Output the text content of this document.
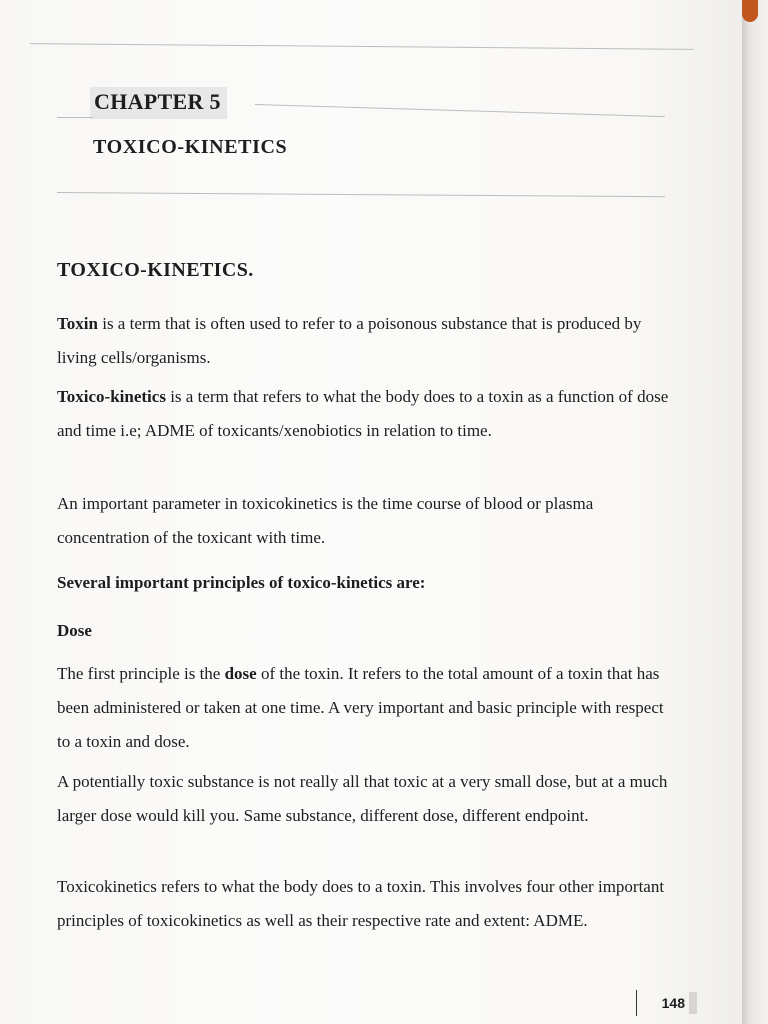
CHAPTER 5
TOXICO-KINETICS
TOXICO-KINETICS.

Toxin is a term that is often used to refer to a poisonous substance that is produced by living cells/organisms.

Toxico-kinetics is a term that refers to what the body does to a toxin as a function of dose and time i.e; ADME of toxicants/xenobiotics in relation to time.

An important parameter in toxicokinetics is the time course of blood or plasma concentration of the toxicant with time.

Several important principles of toxico-kinetics are:
Dose

The first principle is the dose of the toxin. It refers to the total amount of a toxin that has been administered or taken at one time. A very important and basic principle with respect to a toxin and dose.

A potentially toxic substance is not really all that toxic at a very small dose, but at a much larger dose would kill you. Same substance, different dose, different endpoint.

Toxicokinetics refers to what the body does to a toxin. This involves four other important principles of toxicokinetics as well as their respective rate and extent: ADME.

148
